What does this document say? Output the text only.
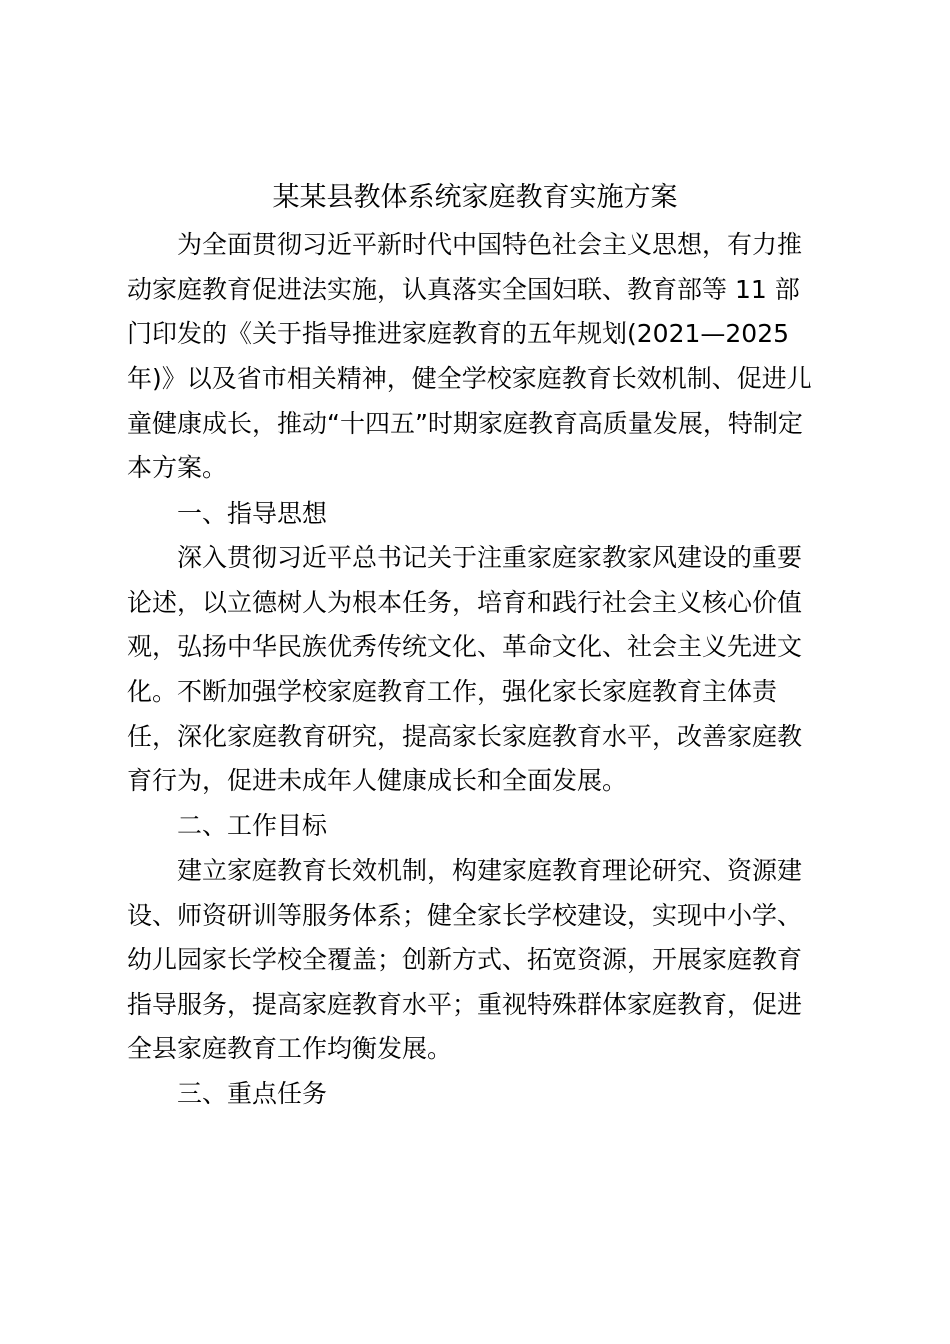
某某县教体系统家庭教育实施方案
为全面贯彻习近平新时代中国特色社会主义思想，有力推
动家庭教育促进法实施，认真落实全国妇联、教育部等 11 部
门印发的《关于指导推进家庭教育的五年规划(2021—2025
年)》以及省市相关精神，健全学校家庭教育长效机制、促进儿
童健康成长，推动“十四五”时期家庭教育高质量发展，特制定
本方案。
一、指导思想
深入贯彻习近平总书记关于注重家庭家教家风建设的重要
论述，以立德树人为根本任务，培育和践行社会主义核心价值
观，弘扬中华民族优秀传统文化、革命文化、社会主义先进文
化。不断加强学校家庭教育工作，强化家长家庭教育主体责
任，深化家庭教育研究，提高家长家庭教育水平，改善家庭教
育行为，促进未成年人健康成长和全面发展。
二、工作目标
建立家庭教育长效机制，构建家庭教育理论研究、资源建
设、师资研训等服务体系；健全家长学校建设，实现中小学、
幼儿园家长学校全覆盖；创新方式、拓宽资源，开展家庭教育
指导服务，提高家庭教育水平；重视特殊群体家庭教育，促进
全县家庭教育工作均衡发展。
三、重点任务
